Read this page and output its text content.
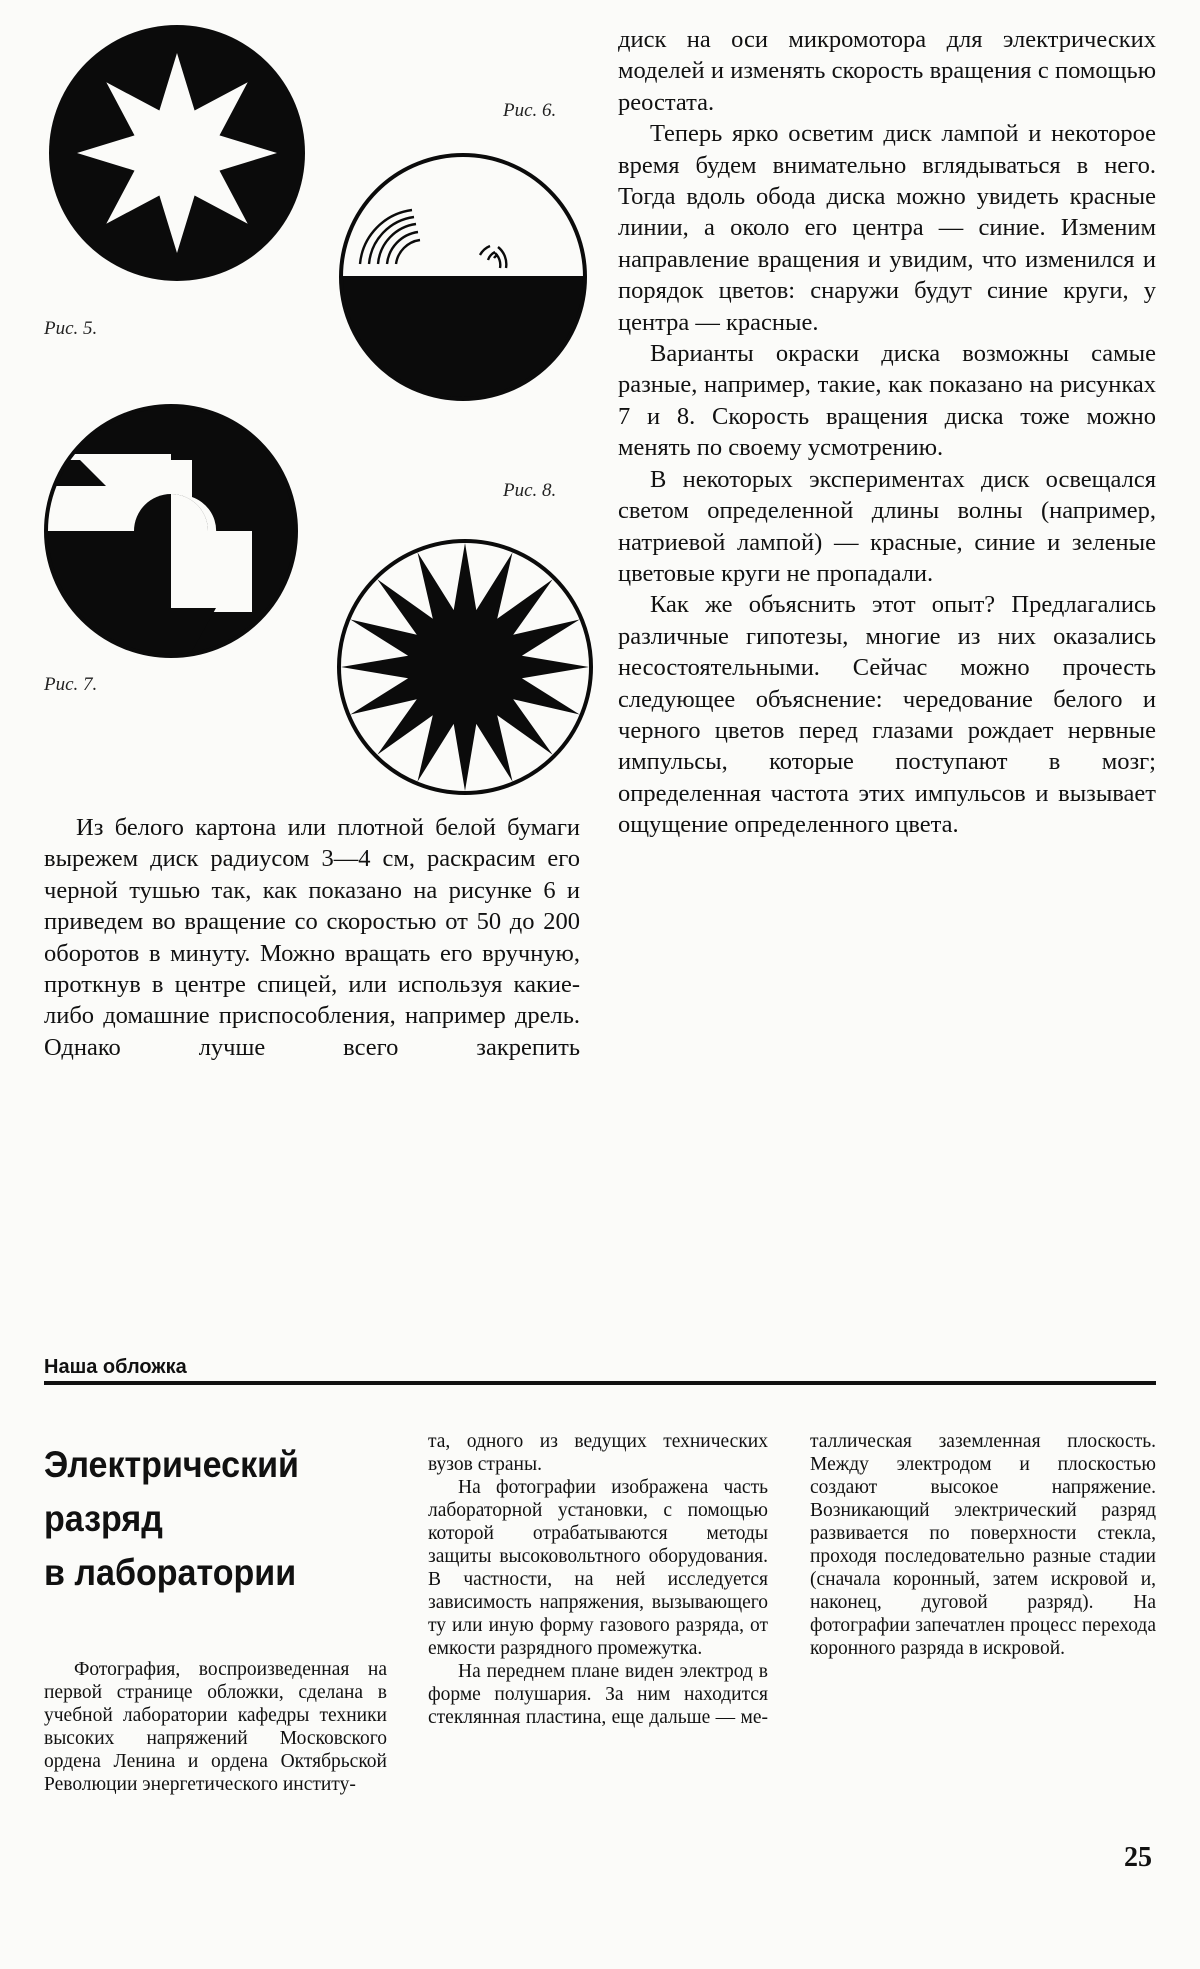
Рис. 5.
Рис. 6.
Рис. 7.
Рис. 8.

Из белого картона или плотной белой бумаги вырежем диск радиусом 3—4 см, раскрасим его черной тушью так, как показано на рисунке 6 и приведем во вращение со скоростью от 50 до 200 оборотов в минуту. Можно вращать его вручную, проткнув в центре спицей, или используя какие-либо домашние приспособления, например дрель. Однако лучше всего закрепить

диск на оси микромотора для электрических моделей и изменять скорость вращения с помощью реостата.

Теперь ярко осветим диск лампой и некоторое время будем внимательно вглядываться в него. Тогда вдоль обода диска можно увидеть красные линии, а около его центра — синие. Изменим направление вращения и увидим, что изменился и порядок цветов: снаружи будут синие круги, у центра — красные.

Варианты окраски диска возможны самые разные, например, такие, как показано на рисунках 7 и 8. Скорость вращения диска тоже можно менять по своему усмотрению.

В некоторых экспериментах диск освещался светом определенной длины волны (например, натриевой лампой) — красные, синие и зеленые цветовые круги не пропадали.

Как же объяснить этот опыт? Предлагались различные гипотезы, многие из них оказались несостоятельными. Сейчас можно прочесть следующее объяснение: чередование белого и черного цветов перед глазами рождает нервные импульсы, которые поступают в мозг; определенная частота этих импульсов и вызывает ощущение определенного цвета.

Наша обложка
Электрический
разряд
в лаборатории

Фотография, воспроизведенная на первой странице обложки, сделана в учебной лаборатории кафедры техники высоких напряжений Московского ордена Ленина и ордена Октябрьской Революции энергетического институ-

та, одного из ведущих технических вузов страны.

На фотографии изображена часть лабораторной установки, с помощью которой отрабатываются методы защиты высоковольтного оборудования. В частности, на ней исследуется зависимость напряжения, вызывающего ту или иную форму газового разряда, от емкости разрядного промежутка.

На переднем плане виден электрод в форме полушария. За ним находится стеклянная пластина, еще дальше — ме-

таллическая заземленная плоскость. Между электродом и плоскостью создают высокое напряжение. Возникающий электрический разряд развивается по поверхности стекла, проходя последовательно разные стадии (сначала коронный, затем искровой и, наконец, дуговой разряд). На фотографии запечатлен процесс перехода коронного разряда в искровой.

25
